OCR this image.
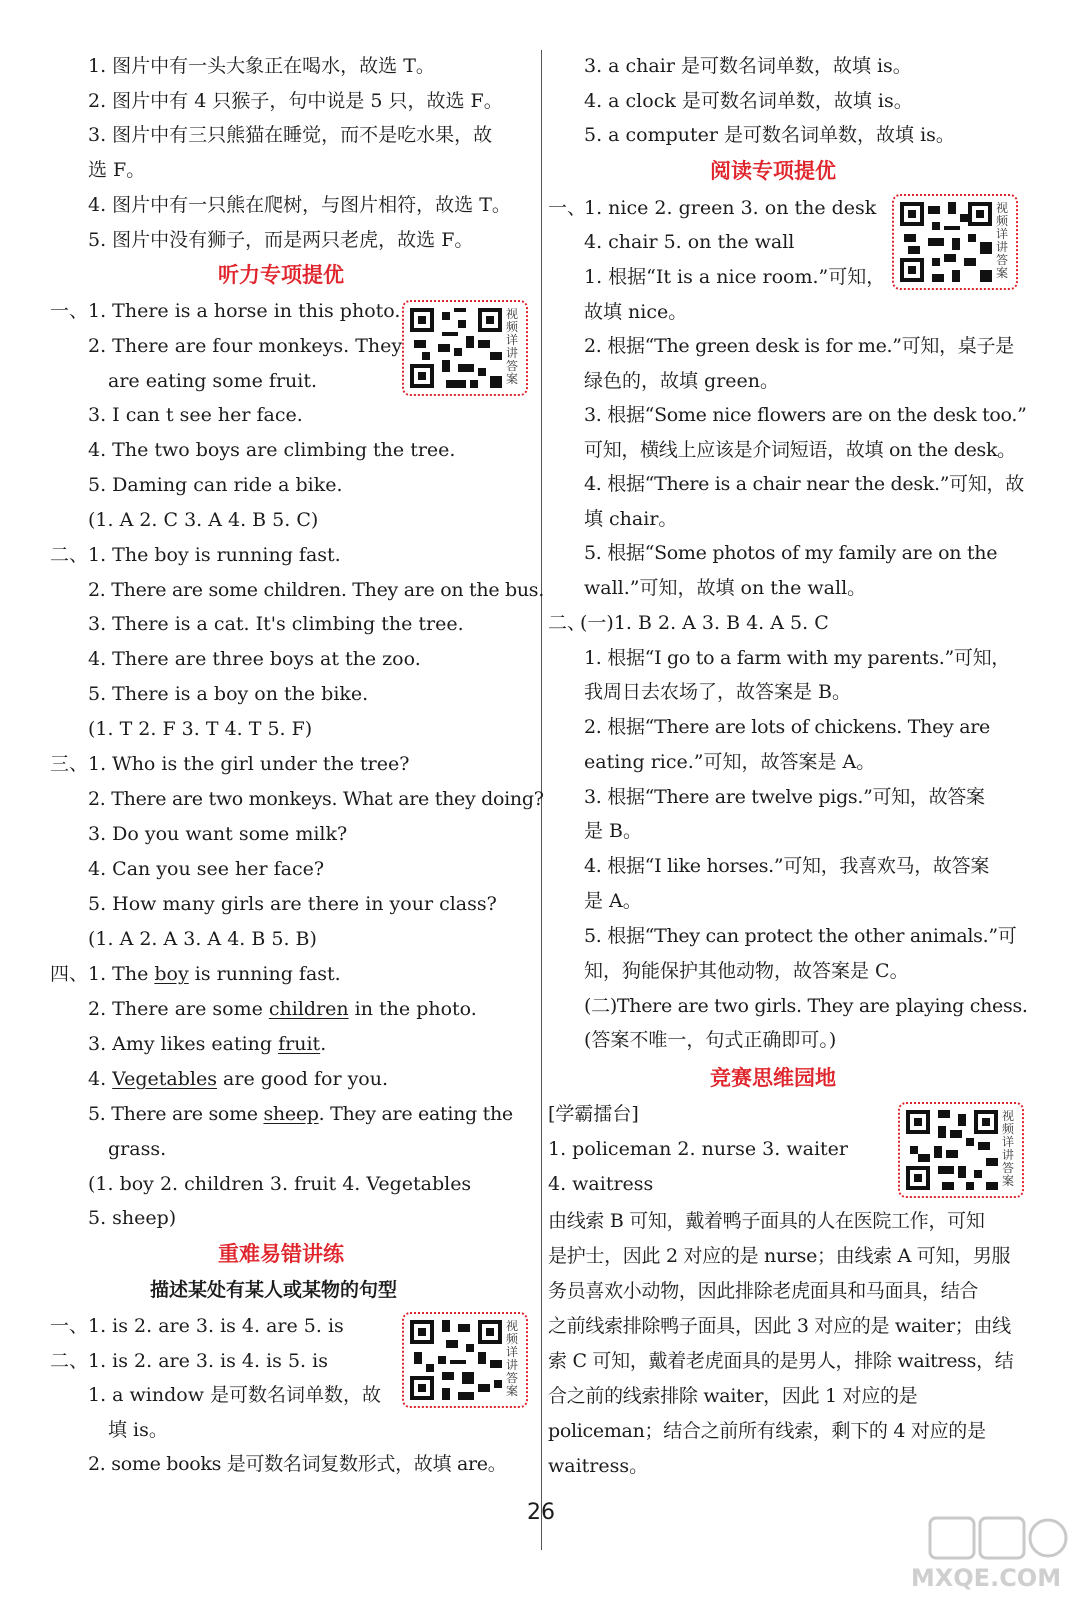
1. 图片中有一头大象正在喝水，故选 T。
2. 图片中有 4 只猴子，句中说是 5 只，故选 F。
3. 图片中有三只熊猫在睡觉，而不是吃水果，故
选 F。
4. 图片中有一只熊在爬树，与图片相符，故选 T。
5. 图片中没有狮子，而是两只老虎，故选 F。
听力专项提优
一、 1. There is a horse in this photo.
2. There are four monkeys. They
are eating some fruit.
3. I can t see her face.
4. The two boys are climbing the tree.
5. Daming can ride a bike.
(1. A 2. C 3. A 4. B 5. C)
视频详讲答案
二、 1. The boy is running fast.
2. There are some children. They are on the bus.
3. There is a cat. It's climbing the tree.
4. There are three boys at the zoo.
5. There is a boy on the bike.
(1. T 2. F 3. T 4. T 5. F)
三、 1. Who is the girl under the tree?
2. There are two monkeys. What are they doing?
3. Do you want some milk?
4. Can you see her face?
5. How many girls are there in your class?
(1. A 2. A 3. A 4. B 5. B)
四、 1. The boy is running fast.
2. There are some children in the photo.
3. Amy likes eating fruit.
4. Vegetables are good for you.
5. There are some sheep. They are eating the
grass.
(1. boy 2. children 3. fruit 4. Vegetables
5. sheep)
重难易错讲练
描述某处有某人或某物的句型
一、 1. is 2. are 3. is 4. are 5. is
二、 1. is 2. are 3. is 4. is 5. is
1. a window 是可数名词单数，故
填 is。
2. some books 是可数名词复数形式，故填 are。
视频详讲答案
3. a chair 是可数名词单数，故填 is。
4. a clock 是可数名词单数，故填 is。
5. a computer 是可数名词单数，故填 is。
阅读专项提优
一、
1. nice 2. green 3. on the desk
4. chair 5. on the wall
1. 根据“It is a nice room.”可知，
故填 nice。
2. 根据“The green desk is for me.”可知，桌子是
绿色的，故填 green。
3. 根据“Some nice flowers are on the desk too.”
可知，横线上应该是介词短语，故填 on the desk。
4. 根据“There is a chair near the desk.”可知，故
填 chair。
5. 根据“Some photos of my family are on the
wall.”可知，故填 on the wall。
视频详讲答案
二、
(一)1. B 2. A 3. B 4. A 5. C
1. 根据“I go to a farm with my parents.”可知，
我周日去农场了，故答案是 B。
2. 根据“There are lots of chickens. They are
eating rice.”可知，故答案是 A。
3. 根据“There are twelve pigs.”可知，故答案
是 B。
4. 根据“I like horses.”可知，我喜欢马，故答案
是 A。
5. 根据“They can protect the other animals.”可
知，狗能保护其他动物，故答案是 C。
(二)There are two girls. They are playing chess.
(答案不唯一，句式正确即可。)
竞赛思维园地
[学霸擂台]
1. policeman 2. nurse 3. waiter
4. waitress
视频详讲答案
由线索 B 可知，戴着鸭子面具的人在医院工作，可知
是护士，因此 2 对应的是 nurse；由线索 A 可知，男服
务员喜欢小动物，因此排除老虎面具和马面具，结合
之前线索排除鸭子面具，因此 3 对应的是 waiter；由线
索 C 可知，戴着老虎面具的是男人，排除 waitress，结
合之前的线索排除 waiter，因此 1 对应的是
policeman；结合之前所有线索，剩下的 4 对应的是
waitress。
26
MXQE.COM
